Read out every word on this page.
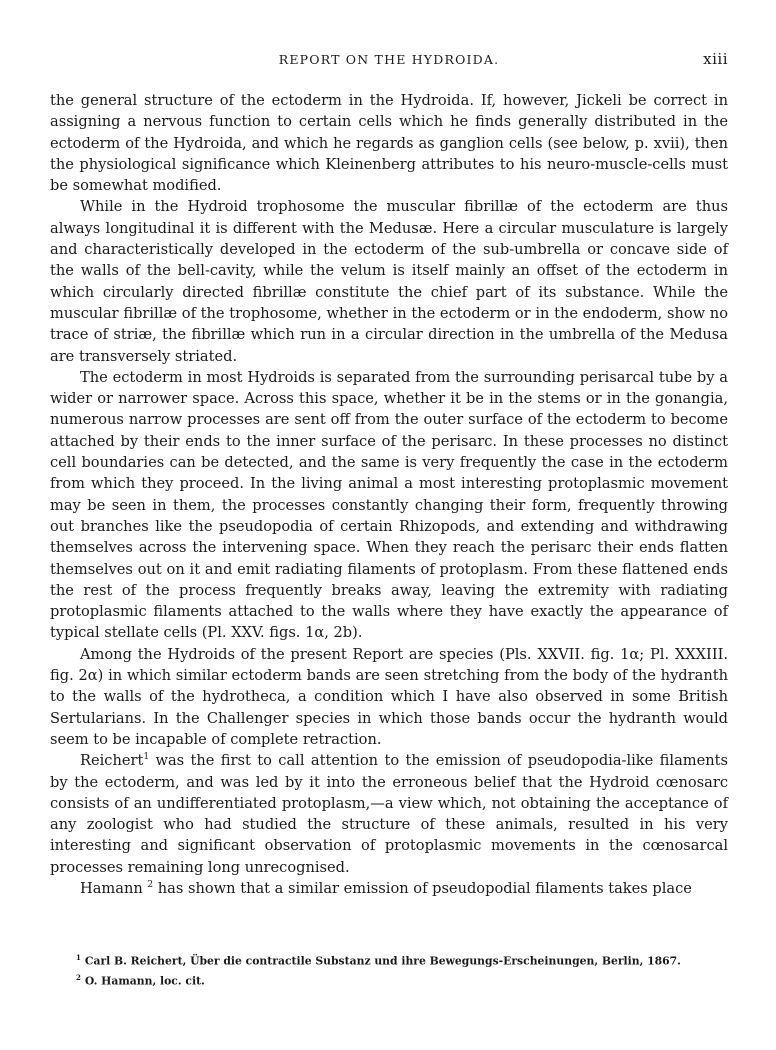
REPORT ON THE HYDROIDA.	xiii

the general structure of the ectoderm in the Hydroida. If, however, Jickeli be correct in assigning a nervous function to certain cells which he finds generally distributed in the ectoderm of the Hydroida, and which he regards as ganglion cells (see below, p. xvii), then the physiological significance which Kleinenberg attributes to his neuro-muscle-cells must be somewhat modified.

While in the Hydroid trophosome the muscular fibrillæ of the ectoderm are thus always longitudinal it is different with the Medusæ. Here a circular musculature is largely and characteristically developed in the ectoderm of the sub-umbrella or concave side of the walls of the bell-cavity, while the velum is itself mainly an offset of the ectoderm in which circularly directed fibrillæ constitute the chief part of its substance. While the muscular fibrillæ of the trophosome, whether in the ectoderm or in the endoderm, show no trace of striæ, the fibrillæ which run in a circular direction in the umbrella of the Medusa are transversely striated.

The ectoderm in most Hydroids is separated from the surrounding perisarcal tube by a wider or narrower space. Across this space, whether it be in the stems or in the gonangia, numerous narrow processes are sent off from the outer surface of the ectoderm to become attached by their ends to the inner surface of the perisarc. In these processes no distinct cell boundaries can be detected, and the same is very frequently the case in the ectoderm from which they proceed. In the living animal a most interesting protoplasmic movement may be seen in them, the processes constantly changing their form, frequently throwing out branches like the pseudopodia of certain Rhizopods, and extending and withdrawing themselves across the intervening space. When they reach the perisarc their ends flatten themselves out on it and emit radiating filaments of protoplasm. From these flattened ends the rest of the process frequently breaks away, leaving the extremity with radiating protoplasmic filaments attached to the walls where they have exactly the appearance of typical stellate cells (Pl. XXV. figs. 1α, 2b).

Among the Hydroids of the present Report are species (Pls. XXVII. fig. 1α; Pl. XXXIII. fig. 2α) in which similar ectoderm bands are seen stretching from the body of the hydranth to the walls of the hydrotheca, a condition which I have also observed in some British Sertularians. In the Challenger species in which those bands occur the hydranth would seem to be incapable of complete retraction.

Reichert$^1$ was the first to call attention to the emission of pseudopodia-like filaments by the ectoderm, and was led by it into the erroneous belief that the Hydroid cœnosarc consists of an undifferentiated protoplasm,—a view which, not obtaining the acceptance of any zoologist who had studied the structure of these animals, resulted in his very interesting and significant observation of protoplasmic movements in the cœnosarcal processes remaining long unrecognised.

Hamann $^2$ has shown that a similar emission of pseudopodial filaments takes place

$^1$ Carl B. Reichert, Über die contractile Substanz und ihre Bewegungs-Erscheinungen, Berlin, 1867.

$^2$ O. Hamann, loc. cit.
